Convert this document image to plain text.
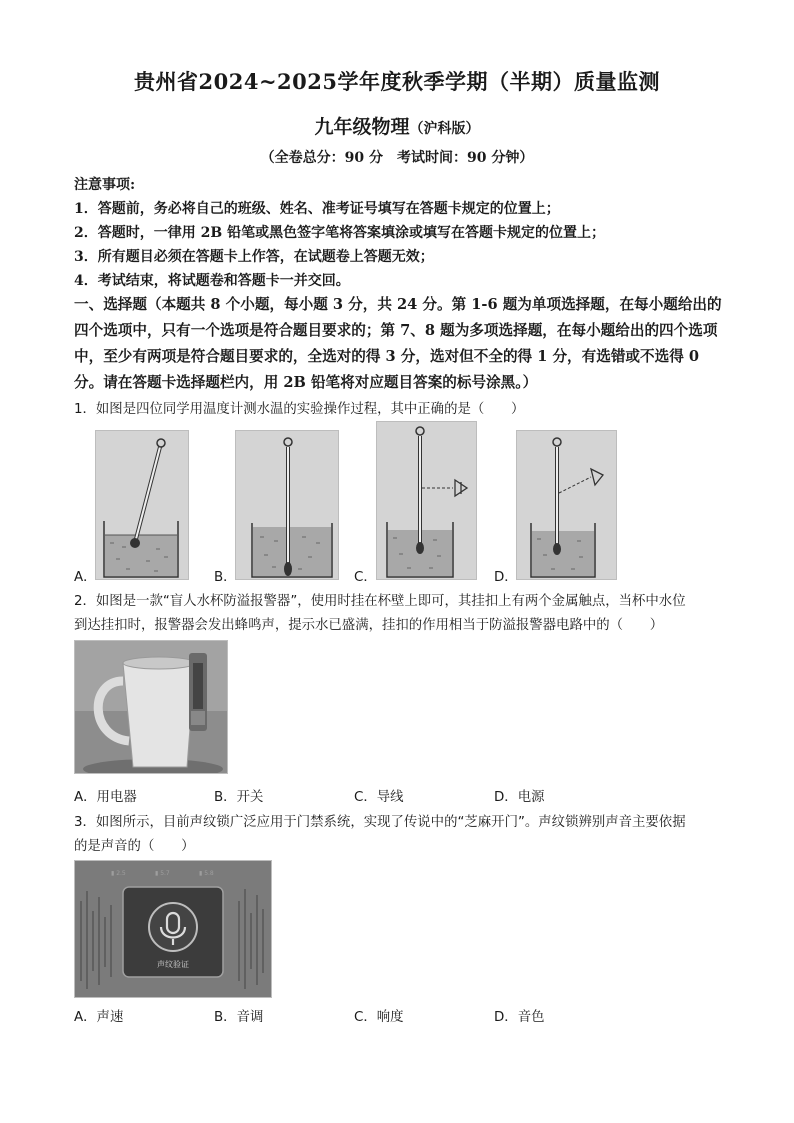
贵州省2024~2025学年度秋季学期（半期）质量监测
九年级物理（沪科版）
（全卷总分：90 分　考试时间：90 分钟）
注意事项:
1．答题前，务必将自己的班级、姓名、准考证号填写在答题卡规定的位置上；
2．答题时，一律用 2B 铅笔或黑色签字笔将答案填涂或填写在答题卡规定的位置上；
3．所有题目必须在答题卡上作答，在试题卷上答题无效；
4．考试结束，将试题卷和答题卡一并交回。
一、选择题（本题共 8 个小题，每小题 3 分，共 24 分。第 1-6 题为单项选择题，在每小题给出的四个选项中，只有一个选项是符合题目要求的；第 7、8 题为多项选择题，在每小题给出的四个选项中，至少有两项是符合题目要求的，全选对的得 3 分，选对但不全的得 1 分，有选错或不选得 0 分。请在答题卡选择题栏内，用 2B 铅笔将对应题目答案的标号涂黑。）
1．如图是四位同学用温度计测水温的实验操作过程，其中正确的是（　　）
A．	B．	C．	D．
2．如图是一款“盲人水杯防溢报警器”，使用时挂在杯壁上即可，其挂扣上有两个金属触点，当杯中水位
到达挂扣时，报警器会发出蜂鸣声，提示水已盛满，挂扣的作用相当于防溢报警器电路中的（　　）
A．用电器	B．开关	C．导线	D．电源
3．如图所示，目前声纹锁广泛应用于门禁系统，实现了传说中的“芝麻开门”。声纹锁辨别声音主要依据
的是声音的（　　）
▮ 2.5	▮ 5.7	▮ 5.8
声纹验证
A．声速	B．音调	C．响度	D．音色
